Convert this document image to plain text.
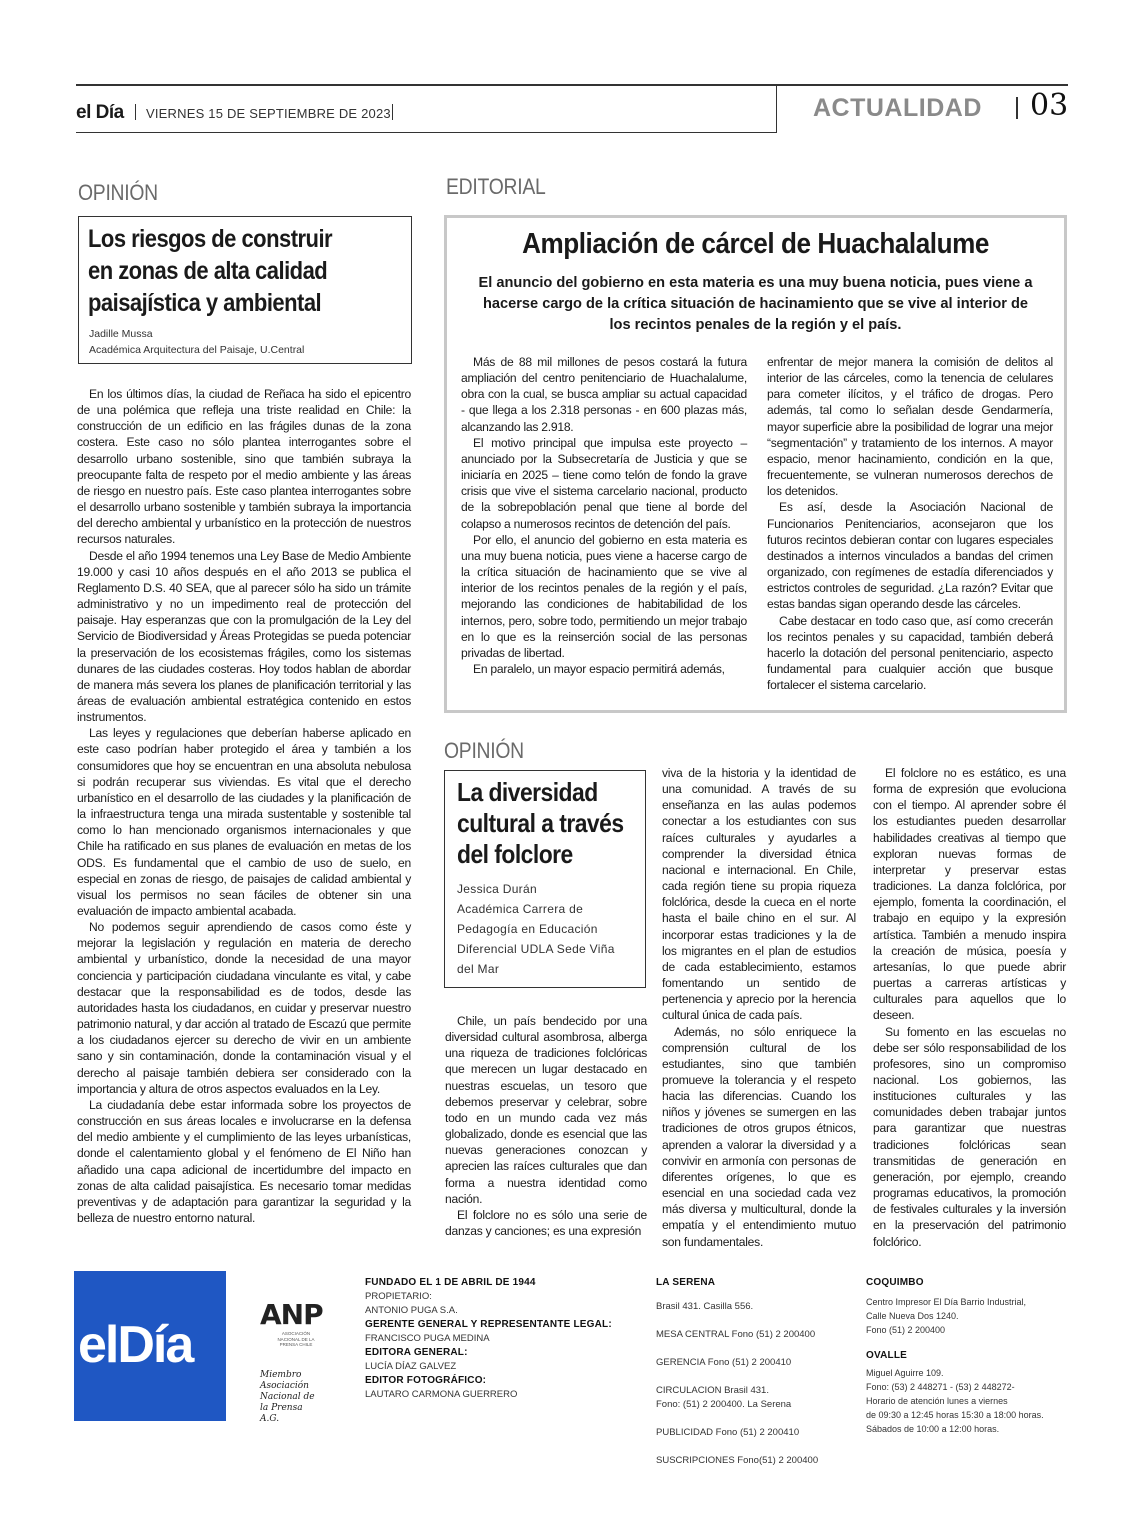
el Día VIERNES 15 DE SEPTIEMBRE DE 2023	ACTUALIDAD 03
OPINIÓN
Los riesgos de construir
en zonas de alta calidad
paisajística y ambiental
Jadille Mussa
Académica Arquitectura del Paisaje, U.Central

En los últimos días, la ciudad de Reñaca ha sido el epicentro de una polémica que refleja una triste realidad en Chile: la construcción de un edificio en las frágiles dunas de la zona costera. Este caso no sólo plantea interrogantes sobre el desarrollo urbano sostenible, sino que también subraya la preocupante falta de respeto por el medio ambiente y las áreas de riesgo en nuestro país. Este caso plantea interrogantes sobre el desarrollo urbano sostenible y también subraya la importancia del derecho ambiental y urbanístico en la protección de nuestros recursos naturales.

Desde el año 1994 tenemos una Ley Base de Medio Ambiente 19.000 y casi 10 años después en el año 2013 se publica el Reglamento D.S. 40 SEA, que al parecer sólo ha sido un trámite administrativo y no un impedimento real de protección del paisaje. Hay esperanzas que con la promulgación de la Ley del Servicio de Biodiversidad y Áreas Protegidas se pueda potenciar la preservación de los ecosistemas frágiles, como los sistemas dunares de las ciudades costeras. Hoy todos hablan de abordar de manera más severa los planes de planificación territorial y las áreas de evaluación ambiental estratégica contenido en estos instrumentos.

Las leyes y regulaciones que deberían haberse aplicado en este caso podrían haber protegido el área y también a los consumidores que hoy se encuentran en una absoluta nebulosa si podrán recuperar sus viviendas. Es vital que el derecho urbanístico en el desarrollo de las ciudades y la planificación de la infraestructura tenga una mirada sustentable y sostenible tal como lo han mencionado organismos internacionales y que Chile ha ratificado en sus planes de evaluación en metas de los ODS. Es fundamental que el cambio de uso de suelo, en especial en zonas de riesgo, de paisajes de calidad ambiental y visual los permisos no sean fáciles de obtener sin una evaluación de impacto ambiental acabada.

No podemos seguir aprendiendo de casos como éste y mejorar la legislación y regulación en materia de derecho ambiental y urbanístico, donde la necesidad de una mayor conciencia y participación ciudadana vinculante es vital, y cabe destacar que la responsabilidad es de todos, desde las autoridades hasta los ciudadanos, en cuidar y preservar nuestro patrimonio natural, y dar acción al tratado de Escazú que permite a los ciudadanos ejercer su derecho de vivir en un ambiente sano y sin contaminación, donde la contaminación visual y el derecho al paisaje también debiera ser considerado con la importancia y altura de otros aspectos evaluados en la Ley.

La ciudadanía debe estar informada sobre los proyectos de construcción en sus áreas locales e involucrarse en la defensa del medio ambiente y el cumplimiento de las leyes urbanísticas, donde el calentamiento global y el fenómeno de El Niño han añadido una capa adicional de incertidumbre del impacto en zonas de alta calidad paisajística. Es necesario tomar medidas preventivas y de adaptación para garantizar la seguridad y la belleza de nuestro entorno natural.

EDITORIAL
Ampliación de cárcel de Huachalalume
El anuncio del gobierno en esta materia es una muy buena noticia, pues viene a
hacerse cargo de la crítica situación de hacinamiento que se vive al interior de
los recintos penales de la región y el país.

Más de 88 mil millones de pesos costará la futura ampliación del centro penitenciario de Huachalalume, obra con la cual, se busca ampliar su actual capacidad - que llega a los 2.318 personas - en 600 plazas más, alcanzando las 2.918.

El motivo principal que impulsa este proyecto – anunciado por la Subsecretaría de Justicia y que se iniciaría en 2025 – tiene como telón de fondo la grave crisis que vive el sistema carcelario nacional, producto de la sobrepoblación penal que tiene al borde del colapso a numerosos recintos de detención del país.

Por ello, el anuncio del gobierno en esta materia es una muy buena noticia, pues viene a hacerse cargo de la crítica situación de hacinamiento que se vive al interior de los recintos penales de la región y el país, mejorando las condiciones de habitabilidad de los internos, pero, sobre todo, permitiendo un mejor trabajo en lo que es la reinserción social de las personas privadas de libertad.

En paralelo, un mayor espacio permitirá además,

enfrentar de mejor manera la comisión de delitos al interior de las cárceles, como la tenencia de celulares para cometer ilícitos, y el tráfico de drogas. Pero además, tal como lo señalan desde Gendarmería, mayor superficie abre la posibilidad de lograr una mejor “segmentación” y tratamiento de los internos. A mayor espacio, menor hacinamiento, condición en la que, frecuentemente, se vulneran numerosos derechos de los detenidos.

Es así, desde la Asociación Nacional de Funcionarios Penitenciarios, aconsejaron que los futuros recintos debieran contar con lugares especiales destinados a internos vinculados a bandas del crimen organizado, con regímenes de estadía diferenciados y estrictos controles de seguridad. ¿La razón? Evitar que estas bandas sigan operando desde las cárceles.

Cabe destacar en todo caso que, así como crecerán los recintos penales y su capacidad, también deberá hacerlo la dotación del personal penitenciario, aspecto fundamental para cualquier acción que busque fortalecer el sistema carcelario.

OPINIÓN
La diversidad
cultural a través
del folclore
Jessica Durán
Académica Carrera de
Pedagogía en Educación
Diferencial UDLA Sede Viña
del Mar

Chile, un país bendecido por una diversidad cultural asombrosa, alberga una riqueza de tradiciones folclóricas que merecen un lugar destacado en nuestras escuelas, un tesoro que debemos preservar y celebrar, sobre todo en un mundo cada vez más globalizado, donde es esencial que las nuevas generaciones conozcan y aprecien las raíces culturales que dan forma a nuestra identidad como nación.

El folclore no es sólo una serie de danzas y canciones; es una expresión

viva de la historia y la identidad de una comunidad. A través de su enseñanza en las aulas podemos conectar a los estudiantes con sus raíces culturales y ayudarles a comprender la diversidad étnica nacional e internacional. En Chile, cada región tiene su propia riqueza folclórica, desde la cueca en el norte hasta el baile chino en el sur. Al incorporar estas tradiciones y la de los migrantes en el plan de estudios de cada establecimiento, estamos fomentando un sentido de pertenencia y aprecio por la herencia cultural única de cada país.

Además, no sólo enriquece la comprensión cultural de los estudiantes, sino que también promueve la tolerancia y el respeto hacia las diferencias. Cuando los niños y jóvenes se sumergen en las tradiciones de otros grupos étnicos, aprenden a valorar la diversidad y a convivir en armonía con personas de diferentes orígenes, lo que es esencial en una sociedad cada vez más diversa y multicultural, donde la empatía y el entendimiento mutuo son fundamentales.

El folclore no es estático, es una forma de expresión que evoluciona con el tiempo. Al aprender sobre él los estudiantes pueden desarrollar habilidades creativas al tiempo que exploran nuevas formas de interpretar y preservar estas tradiciones. La danza folclórica, por ejemplo, fomenta la coordinación, el trabajo en equipo y la expresión artística. También a menudo inspira la creación de música, poesía y artesanías, lo que puede abrir puertas a carreras artísticas y culturales para aquellos que lo deseen.

Su fomento en las escuelas no debe ser sólo responsabilidad de los profesores, sino un compromiso nacional. Los gobiernos, las instituciones culturales y las comunidades deben trabajar juntos para garantizar que nuestras tradiciones folclóricas sean transmitidas de generación en generación, por ejemplo, creando programas educativos, la promoción de festivales culturales y la inversión en la preservación del patrimonio folclórico.

elDía
ANP
ASOCIACIÓN NACIONAL DE LA PRENSA CHILE
Miembro
Asociación
Nacional de
la Prensa
A.G.
FUNDADO EL 1 DE ABRIL DE 1944
PROPIETARIO:
ANTONIO PUGA S.A.
GERENTE GENERAL Y REPRESENTANTE LEGAL:
FRANCISCO PUGA MEDINA
EDITORA GENERAL:
LUCÍA DÍAZ GALVEZ
EDITOR FOTOGRÁFICO:
LAUTARO CARMONA GUERRERO
LA SERENA
Brasil 431. Casilla 556.
MESA CENTRAL Fono (51) 2 200400
GERENCIA Fono (51) 2 200410
CIRCULACION Brasil 431.
Fono: (51) 2 200400. La Serena
PUBLICIDAD Fono (51) 2 200410
SUSCRIPCIONES Fono(51) 2 200400
COQUIMBO
Centro Impresor El Día Barrio Industrial,
Calle Nueva Dos 1240.
Fono (51) 2 200400
OVALLE
Miguel Aguirre 109.
Fono: (53) 2 448271 - (53) 2 448272-
Horario de atención lunes a viernes
de 09:30 a 12:45 horas 15:30 a 18:00 horas.
Sábados de 10:00 a 12:00 horas.
